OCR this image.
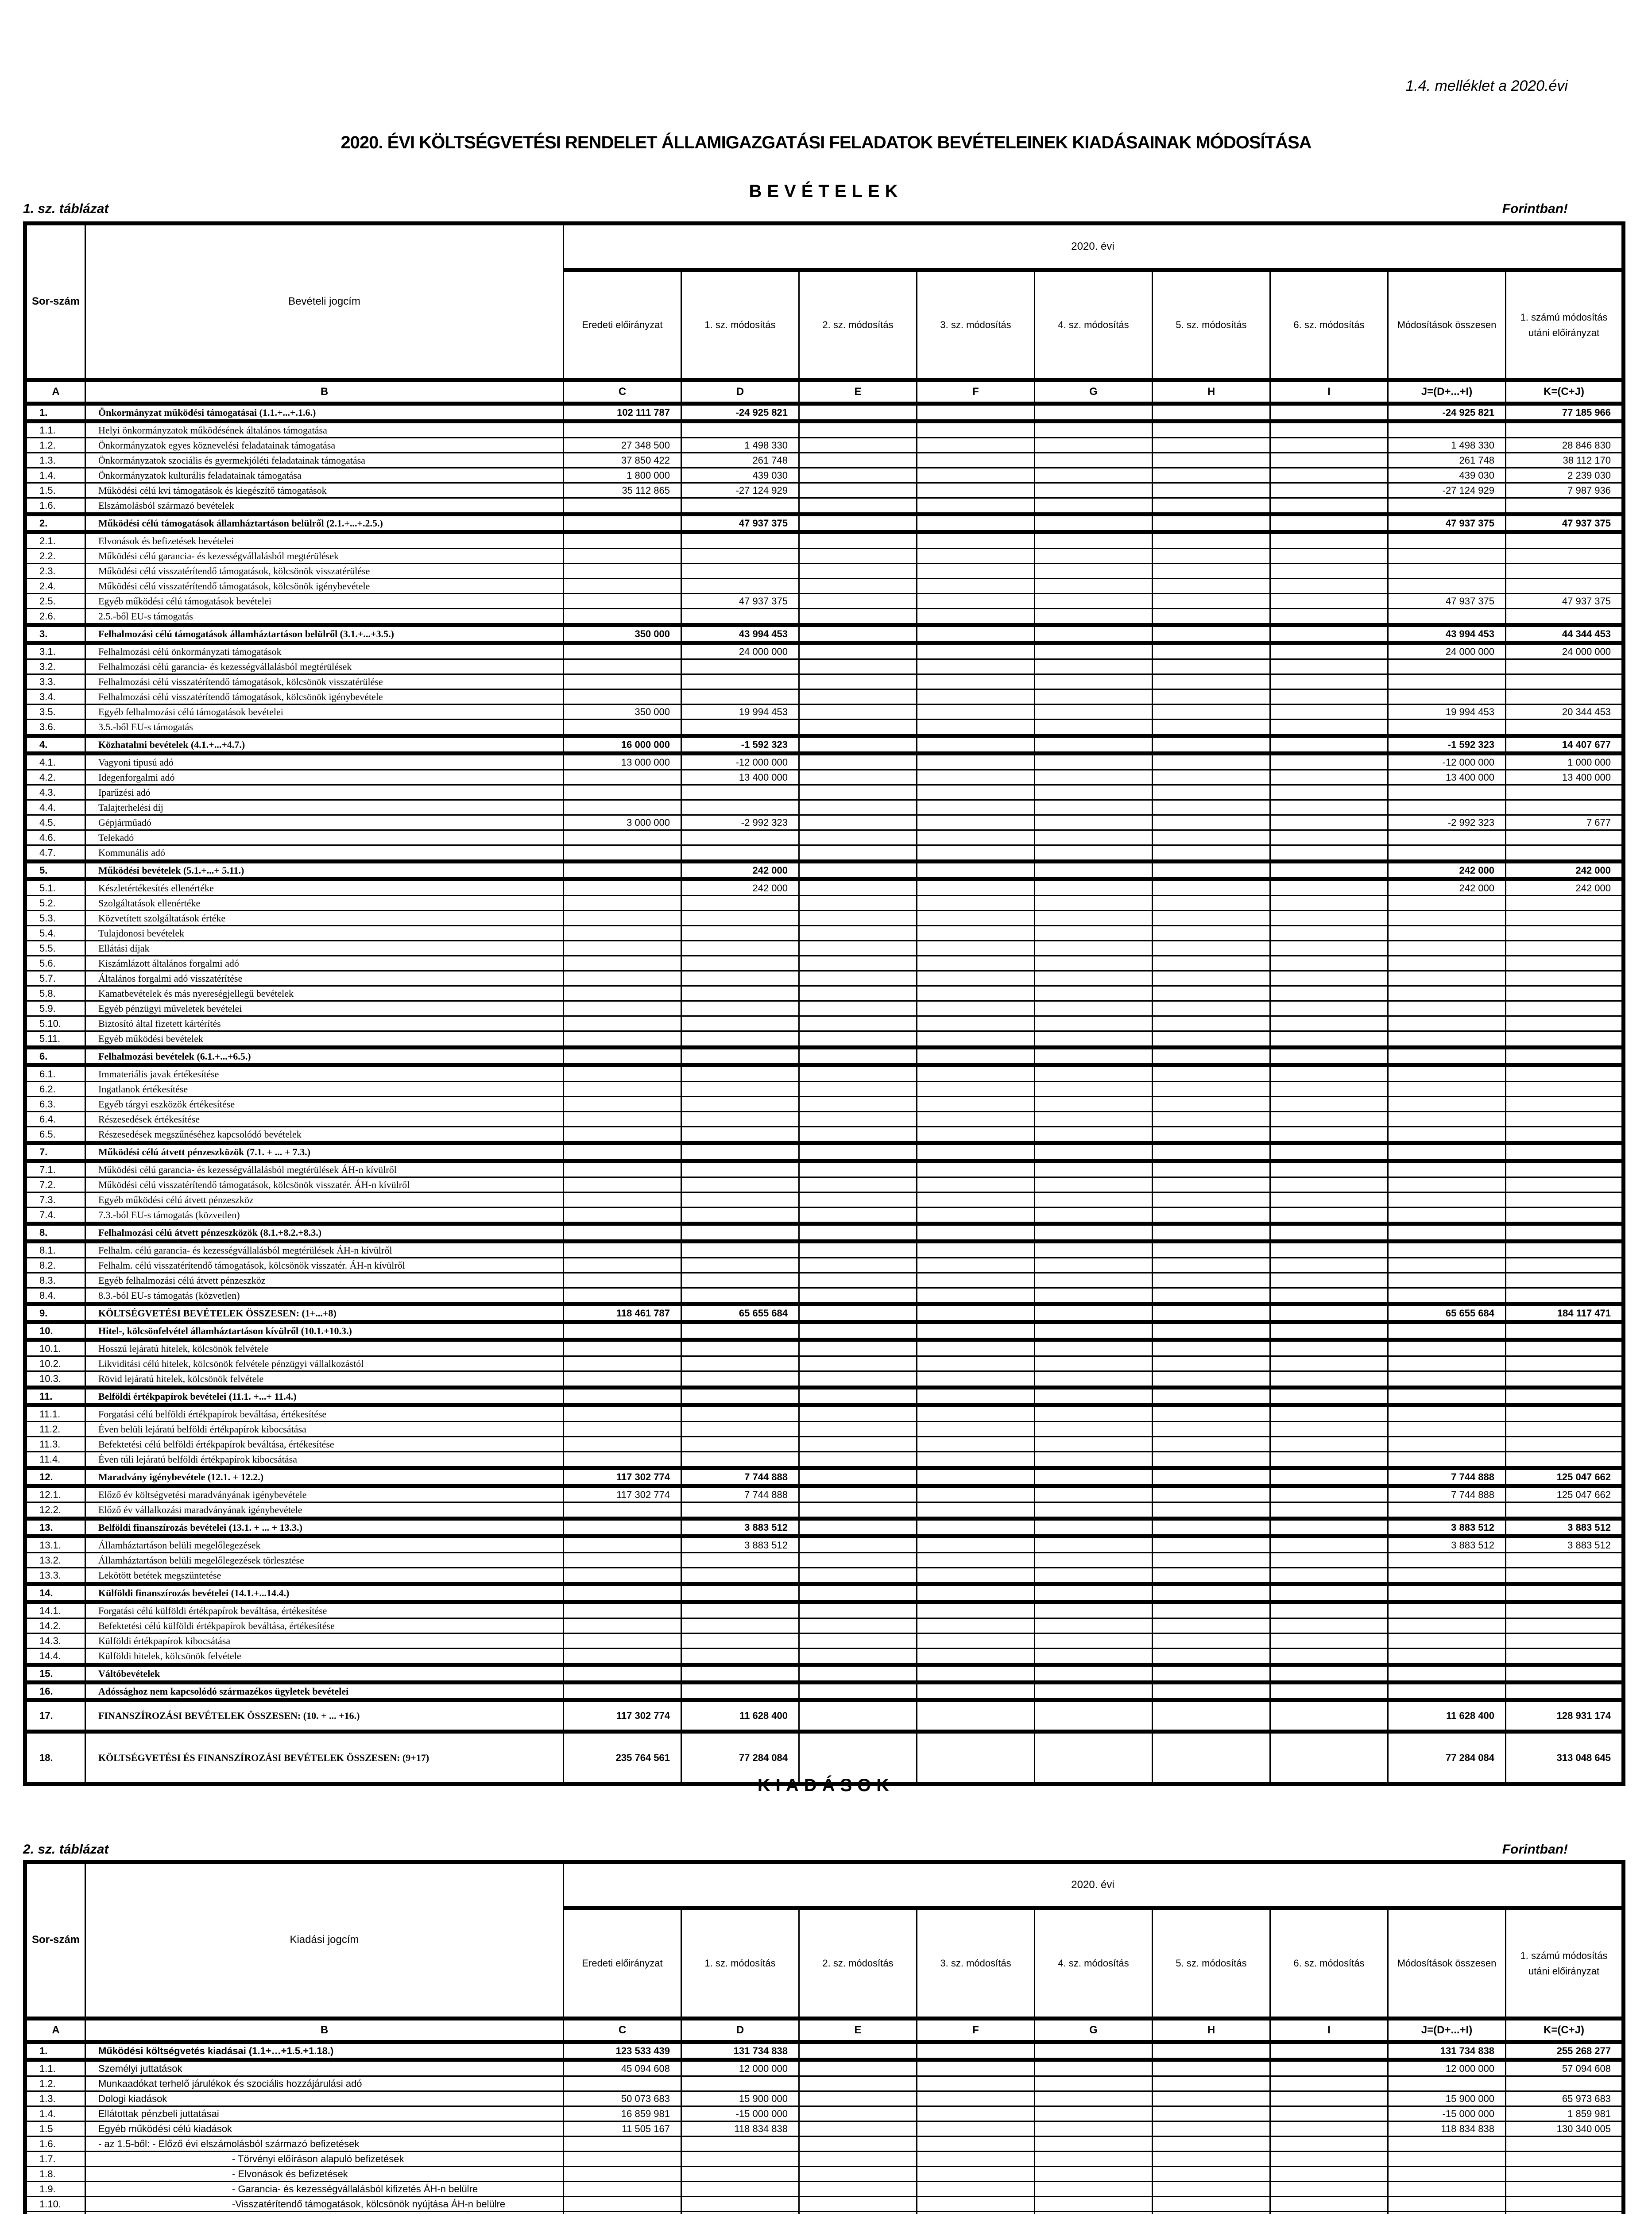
1.4. melléklet a 2020.évi
2020. ÉVI KÖLTSÉGVETÉSI RENDELET ÁLLAMIGAZGATÁSI FELADATOK BEVÉTELEINEK KIADÁSAINAK MÓDOSÍTÁSA
BEVÉTELEK
1. sz. táblázat	Forintban!
Sor-szám	Bevételi jogcím	2020. évi								
		Eredeti előirányzat	1. sz. módosítás	2. sz. módosítás	3. sz. módosítás	4. sz. módosítás	5. sz. módosítás	6. sz. módosítás	Módosítások összesen	1. számú módosítás utáni előirányzat
A	B	C	D	E	F	G	H	I	J=(D+...+I)	K=(C+J)
1.	Önkormányzat működési támogatásai (1.1.+...+.1.6.)	102 111 787	-24 925 821						-24 925 821	77 185 966
1.1.	Helyi önkormányzatok működésének általános támogatása									
1.2.	Önkormányzatok egyes köznevelési feladatainak támogatása	27 348 500	1 498 330						1 498 330	28 846 830
1.3.	Önkormányzatok szociális és gyermekjóléti feladatainak támogatása	37 850 422	261 748						261 748	38 112 170
1.4.	Önkormányzatok kulturális feladatainak támogatása	1 800 000	439 030						439 030	2 239 030
1.5.	Működési célú kvi támogatások és kiegészítő támogatások	35 112 865	-27 124 929						-27 124 929	7 987 936
1.6.	Elszámolásból származó bevételek									
2.	Működési célú támogatások államháztartáson belülről (2.1.+...+.2.5.)		47 937 375						47 937 375	47 937 375
2.1.	Elvonások és befizetések bevételei									
2.2.	Működési célú garancia- és kezességvállalásból megtérülések									
2.3.	Működési célú visszatérítendő támogatások, kölcsönök visszatérülése									
2.4.	Működési célú visszatérítendő támogatások, kölcsönök igénybevétele									
2.5.	Egyéb működési célú támogatások bevételei		47 937 375						47 937 375	47 937 375
2.6.	2.5.-ből EU-s támogatás									
3.	Felhalmozási célú támogatások államháztartáson belülről (3.1.+...+3.5.)	350 000	43 994 453						43 994 453	44 344 453
3.1.	Felhalmozási célú önkormányzati támogatások		24 000 000						24 000 000	24 000 000
3.2.	Felhalmozási célú garancia- és kezességvállalásból megtérülések									
3.3.	Felhalmozási célú visszatérítendő támogatások, kölcsönök visszatérülése									
3.4.	Felhalmozási célú visszatérítendő támogatások, kölcsönök igénybevétele									
3.5.	Egyéb felhalmozási célú támogatások bevételei	350 000	19 994 453						19 994 453	20 344 453
3.6.	3.5.-ből EU-s támogatás									
4.	Közhatalmi bevételek (4.1.+...+4.7.)	16 000 000	-1 592 323						-1 592 323	14 407 677
4.1.	Vagyoni tipusú adó	13 000 000	-12 000 000						-12 000 000	1 000 000
4.2.	Idegenforgalmi adó		13 400 000						13 400 000	13 400 000
4.3.	Iparűzési adó									
4.4.	Talajterhelési díj									
4.5.	Gépjárműadó	3 000 000	-2 992 323						-2 992 323	7 677
4.6.	Telekadó									
4.7.	Kommunális adó									
5.	Működési bevételek (5.1.+...+ 5.11.)		242 000						242 000	242 000
5.1.	Készletértékesítés ellenértéke		242 000						242 000	242 000
5.2.	Szolgáltatások ellenértéke									
5.3.	Közvetített szolgáltatások értéke									
5.4.	Tulajdonosi bevételek									
5.5.	Ellátási díjak									
5.6.	Kiszámlázott általános forgalmi adó									
5.7.	Általános forgalmi adó visszatérítése									
5.8.	Kamatbevételek és más nyereségjellegű bevételek									
5.9.	Egyéb pénzügyi műveletek bevételei									
5.10.	Biztosító által fizetett kártérítés									
5.11.	Egyéb működési bevételek									
6.	Felhalmozási bevételek (6.1.+...+6.5.)									
6.1.	Immateriális javak értékesítése									
6.2.	Ingatlanok értékesítése									
6.3.	Egyéb tárgyi eszközök értékesítése									
6.4.	Részesedések értékesítése									
6.5.	Részesedések megszűnéséhez kapcsolódó bevételek									
7.	Működési célú átvett pénzeszközök (7.1. + ... + 7.3.)									
7.1.	Működési célú garancia- és kezességvállalásból megtérülések ÁH-n kívülről									
7.2.	Működési célú visszatérítendő támogatások, kölcsönök visszatér. ÁH-n kívülről									
7.3.	Egyéb működési célú átvett pénzeszköz									
7.4.	7.3.-ból EU-s támogatás (közvetlen)									
8.	Felhalmozási célú átvett pénzeszközök (8.1.+8.2.+8.3.)									
8.1.	Felhalm. célú garancia- és kezességvállalásból megtérülések ÁH-n kívülről									
8.2.	Felhalm. célú visszatérítendő támogatások, kölcsönök visszatér. ÁH-n kívülről									
8.3.	Egyéb felhalmozási célú átvett pénzeszköz									
8.4.	8.3.-ból EU-s támogatás (közvetlen)									
9.	KÖLTSÉGVETÉSI BEVÉTELEK ÖSSZESEN: (1+...+8)	118 461 787	65 655 684						65 655 684	184 117 471
10.	Hitel-, kölcsönfelvétel államháztartáson kívülről (10.1.+10.3.)									
10.1.	Hosszú lejáratú hitelek, kölcsönök felvétele									
10.2.	Likviditási célú hitelek, kölcsönök felvétele pénzügyi vállalkozástól									
10.3.	Rövid lejáratú hitelek, kölcsönök felvétele									
11.	Belföldi értékpapírok bevételei (11.1. +...+ 11.4.)									
11.1.	Forgatási célú belföldi értékpapírok beváltása, értékesítése									
11.2.	Éven belüli lejáratú belföldi értékpapírok kibocsátása									
11.3.	Befektetési célú belföldi értékpapírok beváltása, értékesítése									
11.4.	Éven túli lejáratú belföldi értékpapírok kibocsátása									
12.	Maradvány igénybevétele (12.1. + 12.2.)	117 302 774	7 744 888						7 744 888	125 047 662
12.1.	Előző év költségvetési maradványának igénybevétele	117 302 774	7 744 888						7 744 888	125 047 662
12.2.	Előző év vállalkozási maradványának igénybevétele									
13.	Belföldi finanszírozás bevételei (13.1. + ... + 13.3.)		3 883 512						3 883 512	3 883 512
13.1.	Államháztartáson belüli megelőlegezések		3 883 512						3 883 512	3 883 512
13.2.	Államháztartáson belüli megelőlegezések törlesztése									
13.3.	Lekötött betétek megszüntetése									
14.	Külföldi finanszírozás bevételei (14.1.+...14.4.)									
14.1.	Forgatási célú külföldi értékpapírok beváltása, értékesítése									
14.2.	Befektetési célú külföldi értékpapírok beváltása, értékesítése									
14.3.	Külföldi értékpapírok kibocsátása									
14.4.	Külföldi hitelek, kölcsönök felvétele									
15.	Váltóbevételek									
16.	Adóssághoz nem kapcsolódó származékos ügyletek bevételei									
17.	FINANSZÍROZÁSI BEVÉTELEK ÖSSZESEN: (10. + ... +16.)	117 302 774	11 628 400						11 628 400	128 931 174
18.	KÖLTSÉGVETÉSI ÉS FINANSZÍROZÁSI BEVÉTELEK ÖSSZESEN: (9+17)	235 764 561	77 284 084						77 284 084	313 048 645
KIADÁSOK
2. sz. táblázat	Forintban!
Sor-szám	Kiadási jogcím	2020. évi								
		Eredeti előirányzat	1. sz. módosítás	2. sz. módosítás	3. sz. módosítás	4. sz. módosítás	5. sz. módosítás	6. sz. módosítás	Módosítások összesen	1. számú módosítás utáni előirányzat
A	B	C	D	E	F	G	H	I	J=(D+...+I)	K=(C+J)
1.	Működési költségvetés kiadásai (1.1+…+1.5.+1.18.)	123 533 439	131 734 838						131 734 838	255 268 277
1.1.	Személyi juttatások	45 094 608	12 000 000						12 000 000	57 094 608
1.2.	Munkaadókat terhelő járulékok és szociális hozzájárulási adó									
1.3.	Dologi kiadások	50 073 683	15 900 000						15 900 000	65 973 683
1.4.	Ellátottak pénzbeli juttatásai	16 859 981	-15 000 000						-15 000 000	1 859 981
1.5	Egyéb működési célú kiadások	11 505 167	118 834 838						118 834 838	130 340 005
1.6.	- az 1.5-ből: - Előző évi elszámolásból származó befizetések									
1.7.	- Törvényi előíráson alapuló befizetések									
1.8.	- Elvonások és befizetések									
1.9.	- Garancia- és kezességvállalásból kifizetés ÁH-n belülre									
1.10.	-Visszatérítendő támogatások, kölcsönök nyújtása ÁH-n belülre									
